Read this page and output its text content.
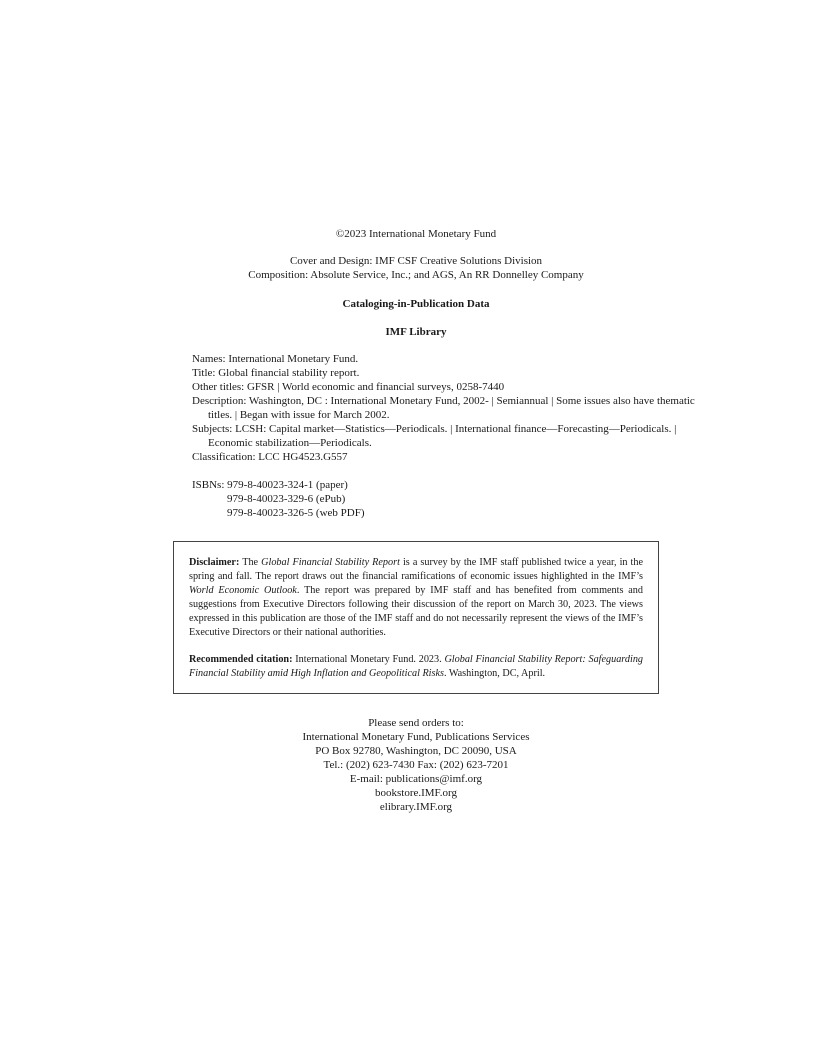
©2023 International Monetary Fund
Cover and Design: IMF CSF Creative Solutions Division
Composition: Absolute Service, Inc.; and AGS, An RR Donnelley Company
Cataloging-in-Publication Data
IMF Library
Names: International Monetary Fund.
Title: Global financial stability report.
Other titles: GFSR | World economic and financial surveys, 0258-7440
Description: Washington, DC : International Monetary Fund, 2002- | Semiannual | Some issues also have thematic titles. | Began with issue for March 2002.
Subjects: LCSH: Capital market—Statistics—Periodicals. | International finance—Forecasting—Periodicals. | Economic stabilization—Periodicals.
Classification: LCC HG4523.G557
ISBNs: 979-8-40023-324-1 (paper)
979-8-40023-329-6 (ePub)
979-8-40023-326-5 (web PDF)

Disclaimer: The Global Financial Stability Report is a survey by the IMF staff published twice a year, in the spring and fall. The report draws out the financial ramifications of economic issues highlighted in the IMF’s World Economic Outlook. The report was prepared by IMF staff and has benefited from comments and suggestions from Executive Directors following their discussion of the report on March 30, 2023. The views expressed in this publication are those of the IMF staff and do not necessarily represent the views of the IMF’s Executive Directors or their national authorities.

Recommended citation: International Monetary Fund. 2023. Global Financial Stability Report: Safeguarding Financial Stability amid High Inflation and Geopolitical Risks. Washington, DC, April.

Please send orders to:
International Monetary Fund, Publications Services
PO Box 92780, Washington, DC 20090, USA
Tel.: (202) 623-7430 Fax: (202) 623-7201
E-mail: publications@imf.org
bookstore.IMF.org
elibrary.IMF.org
